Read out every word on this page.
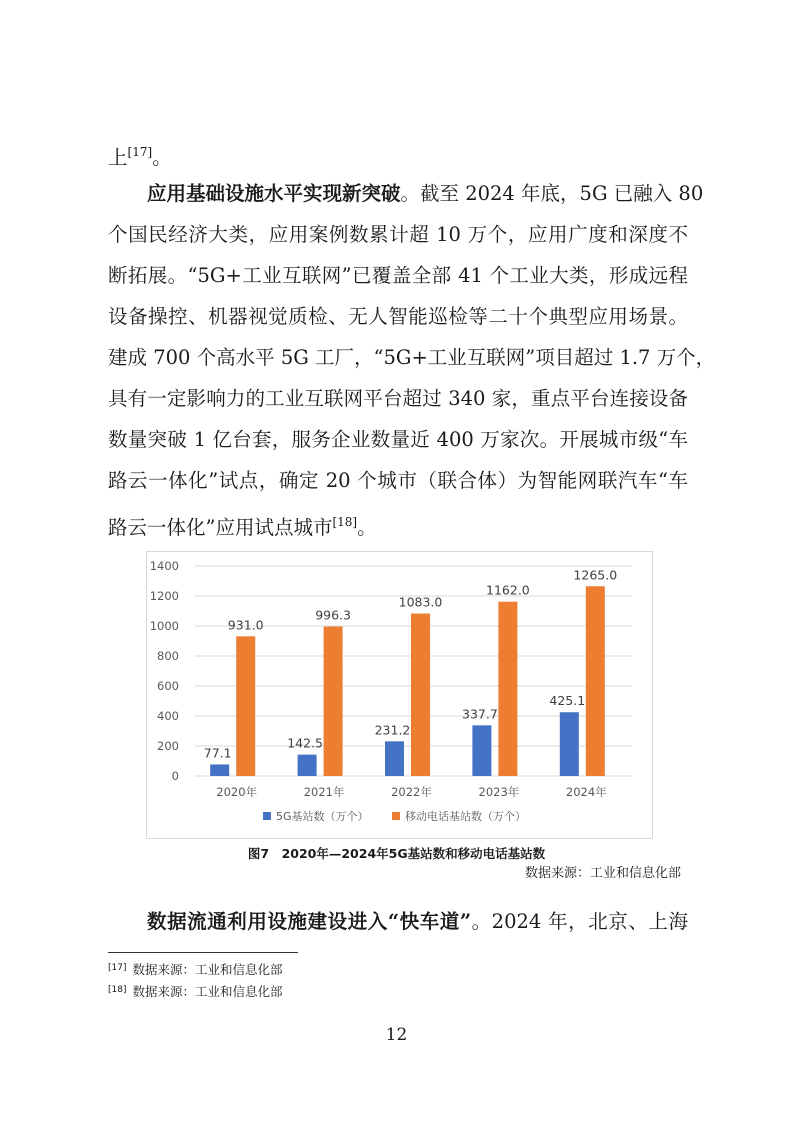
上[17]。
应用基础设施水平实现新突破。截至 2024 年底，5G 已融入 80
个国民经济大类，应用案例数累计超 10 万个，应用广度和深度不
断拓展。“5G+工业互联网”已覆盖全部 41 个工业大类，形成远程
设备操控、机器视觉质检、无人智能巡检等二十个典型应用场景。
建成 700 个高水平 5G 工厂，“5G+工业互联网”项目超过 1.7 万个，
具有一定影响力的工业互联网平台超过 340 家，重点平台连接设备
数量突破 1 亿台套，服务企业数量近 400 万家次。开展城市级“车
路云一体化”试点，确定 20 个城市（联合体）为智能网联汽车“车
路云一体化”应用试点城市[18]。
0
200
400
600
800
1000
1200
1400
77.1
931.0
2020年
142.5
996.3
2021年
231.2
1083.0
2022年
337.7
1162.0
2023年
425.1
1265.0
2024年
5G基站数（万个）	移动电话基站数（万个）
图7　2020年—2024年5G基站数和移动电话基站数
数据来源：工业和信息化部
数据流通利用设施建设进入“快车道”。2024 年，北京、上海
[17] 数据来源：工业和信息化部
[18] 数据来源：工业和信息化部
12
